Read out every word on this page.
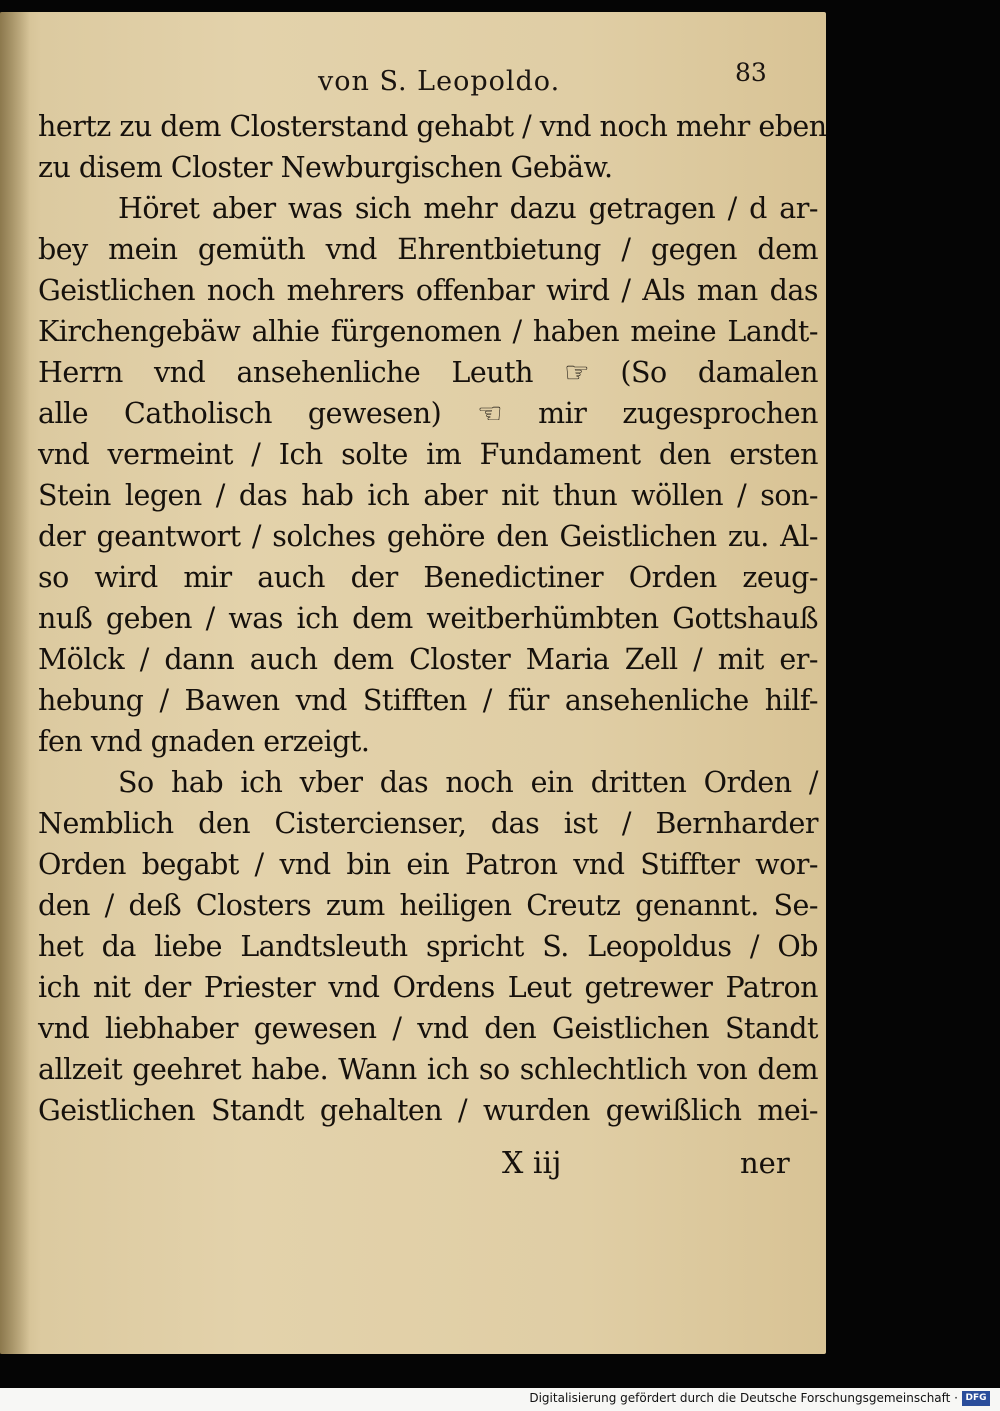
von S. Leopoldo.	83
hertz zu dem Closterstand gehabt / vnd noch mehr eben
zu disem Closter Newburgischen Gebäw.
Höret aber was sich mehr dazu getragen / d ar-
bey mein gemüth vnd Ehrentbietung / gegen dem
Geistlichen noch mehrers offenbar wird / Als man das
Kirchengebäw alhie fürgenomen / haben meine Landt-
Herrn vnd ansehenliche Leuth ☞ (So damalen
alle Catholisch gewesen) ☜ mir zugesprochen
vnd vermeint / Ich solte im Fundament den ersten
Stein legen / das hab ich aber nit thun wöllen / son-
der geantwort / solches gehöre den Geistlichen zu. Al-
so wird mir auch der Benedictiner Orden zeug-
nuß geben / was ich dem weitberhümbten Gottshauß
Mölck / dann auch dem Closter Maria Zell / mit er-
hebung / Bawen vnd Stifften / für ansehenliche hilf-
fen vnd gnaden erzeigt.
So hab ich vber das noch ein dritten Orden /
Nemblich den Cistercienser, das ist / Bernharder
Orden begabt / vnd bin ein Patron vnd Stiffter wor-
den / deß Closters zum heiligen Creutz genannt. Se-
het da liebe Landtsleuth spricht S. Leopoldus / Ob
ich nit der Priester vnd Ordens Leut getrewer Patron
vnd liebhaber gewesen / vnd den Geistlichen Standt
allzeit geehret habe. Wann ich so schlechtlich von dem
Geistlichen Standt gehalten / wurden gewißlich mei-
X iij	ner
Digitalisierung gefördert durch die Deutsche Forschungsgemeinschaft · DFG
